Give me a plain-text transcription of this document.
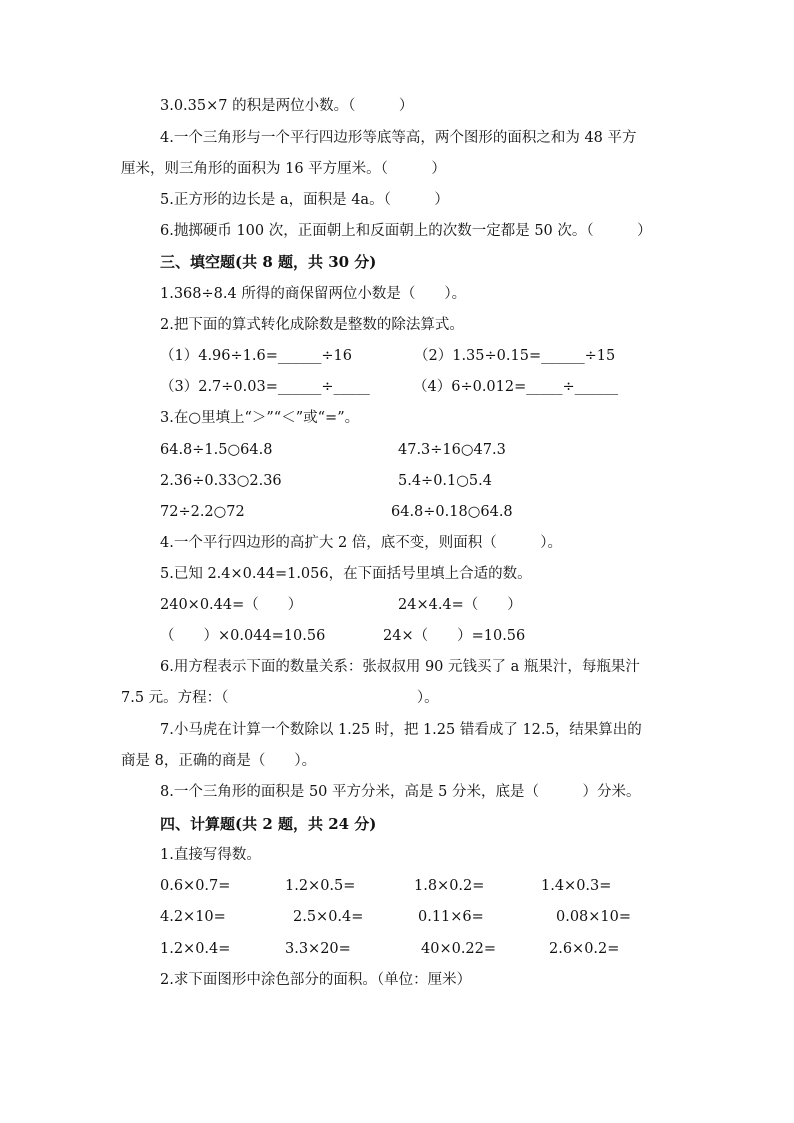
3.0.35×7 的积是两位小数。（　　　）
4.一个三角形与一个平行四边形等底等高，两个图形的面积之和为 48 平方
厘米，则三角形的面积为 16 平方厘米。（　　　）
5.正方形的边长是 a，面积是 4a。（　　　）
6.抛掷硬币 100 次，正面朝上和反面朝上的次数一定都是 50 次。（　　　）
三、填空题(共 8 题，共 30 分)
1.368÷8.4 所得的商保留两位小数是（　　）。
2.把下面的算式转化成除数是整数的除法算式。
（1）4.96÷1.6=______÷16	（2）1.35÷0.15=______÷15
（3）2.7÷0.03=______÷_____	（4）6÷0.012=_____÷______
3.在○里填上“＞”“＜”或“=”。
64.8÷1.5○64.8	47.3÷16○47.3
2.36÷0.33○2.36	5.4÷0.1○5.4
72÷2.2○72	64.8÷0.18○64.8
4.一个平行四边形的高扩大 2 倍，底不变，则面积（　　　）。
5.已知 2.4×0.44=1.056，在下面括号里填上合适的数。
240×0.44=（　　）	24×4.4=（　　）
（　　）×0.044=10.56	24×（　　）=10.56
6.用方程表示下面的数量关系：张叔叔用 90 元钱买了 a 瓶果汁，每瓶果汁
7.5 元。方程：（　　　　　　　　　　　　　）。
7.小马虎在计算一个数除以 1.25 时，把 1.25 错看成了 12.5，结果算出的
商是 8，正确的商是（　　）。
8.一个三角形的面积是 50 平方分米，高是 5 分米，底是（　　　）分米。
四、计算题(共 2 题，共 24 分)
1.直接写得数。
0.6×0.7=	1.2×0.5=	1.8×0.2=	1.4×0.3=
4.2×10=	2.5×0.4=	0.11×6=	0.08×10=
1.2×0.4=	3.3×20=	40×0.22=	2.6×0.2=
2.求下面图形中涂色部分的面积。（单位：厘米）
